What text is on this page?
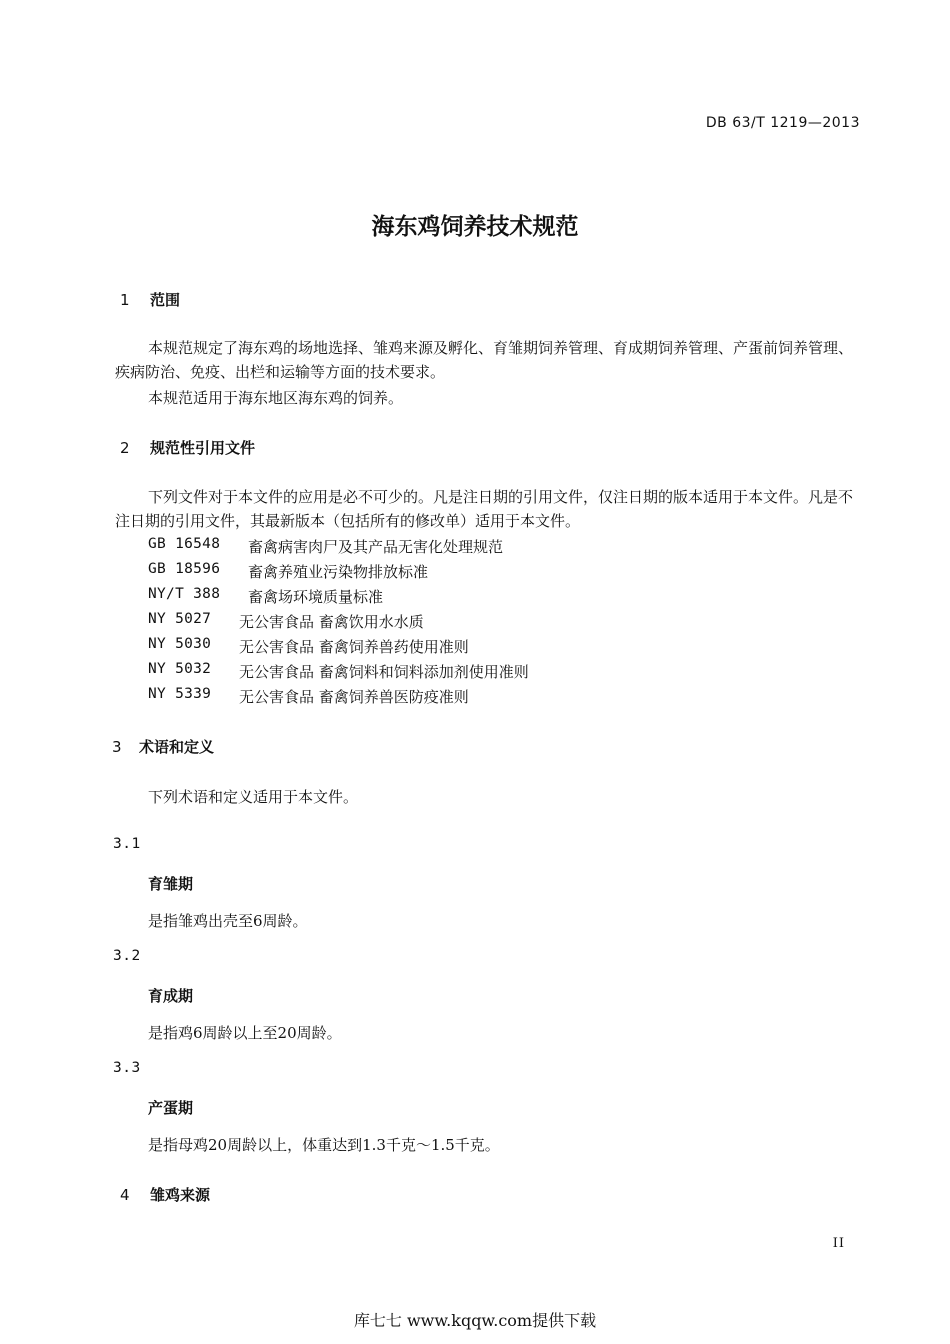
DB 63/T 1219—2013
海东鸡饲养技术规范
1 范围
本规范规定了海东鸡的场地选择、雏鸡来源及孵化、育雏期饲养管理、育成期饲养管理、产蛋前饲养管理、疾病防治、免疫、出栏和运输等方面的技术要求。
本规范适用于海东地区海东鸡的饲养。
2 规范性引用文件
下列文件对于本文件的应用是必不可少的。凡是注日期的引用文件，仅注日期的版本适用于本文件。凡是不注日期的引用文件，其最新版本（包括所有的修改单）适用于本文件。
GB 16548 畜禽病害肉尸及其产品无害化处理规范
GB 18596 畜禽养殖业污染物排放标准
NY/T 388 畜禽场环境质量标准
NY 5027 无公害食品 畜禽饮用水水质
NY 5030 无公害食品 畜禽饲养兽药使用准则
NY 5032 无公害食品 畜禽饲料和饲料添加剂使用准则
NY 5339 无公害食品 畜禽饲养兽医防疫准则
3 术语和定义
下列术语和定义适用于本文件。
3.1
育雏期
是指雏鸡出壳至6周龄。
3.2
育成期
是指鸡6周龄以上至20周龄。
3.3
产蛋期
是指母鸡20周龄以上，体重达到1.3千克～1.5千克。
4 雏鸡来源
II
库七七 www.kqqw.com提供下载
